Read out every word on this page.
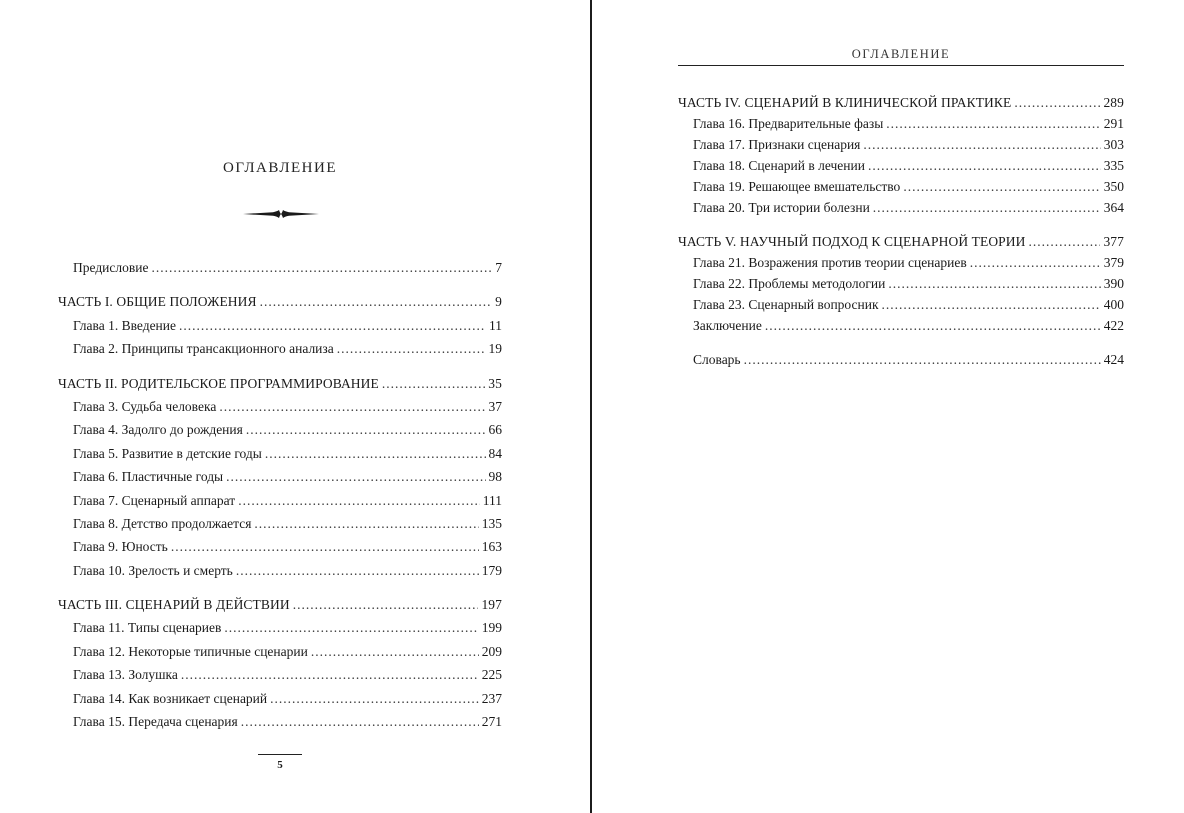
ОГЛАВЛЕНИЕ
Предисловие .....	7
ЧАСТЬ I. ОБЩИЕ ПОЛОЖЕНИЯ .....	9
Глава 1. Введение .....	11
Глава 2. Принципы трансакционного анализа .....	19
ЧАСТЬ II. РОДИТЕЛЬСКОЕ ПРОГРАММИРОВАНИЕ .....	35
Глава 3. Судьба человека .....	37
Глава 4. Задолго до рождения .....	66
Глава 5. Развитие в детские годы .....	84
Глава 6. Пластичные годы .....	98
Глава 7. Сценарный аппарат .....	111
Глава 8. Детство продолжается .....	135
Глава 9. Юность .....	163
Глава 10. Зрелость и смерть .....	179
ЧАСТЬ III. СЦЕНАРИЙ В ДЕЙСТВИИ .....	197
Глава 11. Типы сценариев .....	199
Глава 12. Некоторые типичные сценарии .....	209
Глава 13. Золушка .....	225
Глава 14. Как возникает сценарий .....	237
Глава 15. Передача сценария .....	271
5
ОГЛАВЛЕНИЕ
ЧАСТЬ IV. СЦЕНАРИЙ В КЛИНИЧЕСКОЙ ПРАКТИКЕ .....	289
Глава 16. Предварительные фазы .....	291
Глава 17. Признаки сценария .....	303
Глава 18. Сценарий в лечении .....	335
Глава 19. Решающее вмешательство .....	350
Глава 20. Три истории болезни .....	364
ЧАСТЬ V. НАУЧНЫЙ ПОДХОД К СЦЕНАРНОЙ ТЕОРИИ .....	377
Глава 21. Возражения против теории сценариев .....	379
Глава 22. Проблемы методологии .....	390
Глава 23. Сценарный вопросник .....	400
Заключение .....	422
Словарь .....	424
